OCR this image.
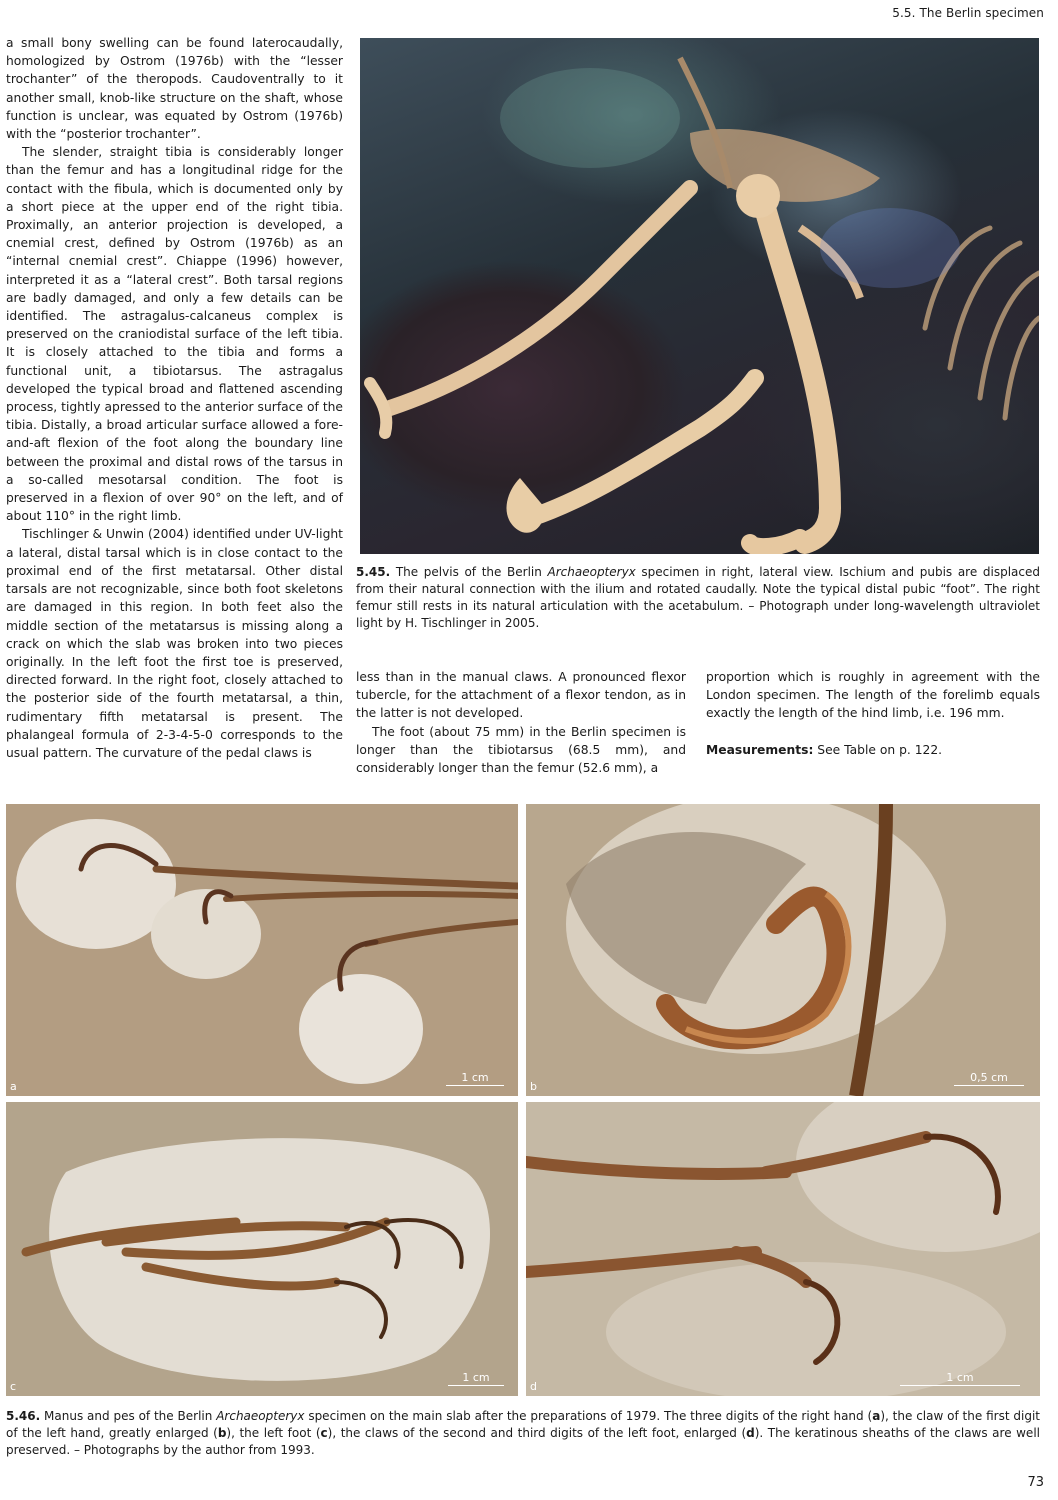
5.5. The Berlin specimen

a small bony swelling can be found laterocaudally, homologized by Ostrom (1976b) with the “lesser trochanter” of the theropods. Caudoventrally to it another small, knob-like structure on the shaft, whose function is unclear, was equated by Ostrom (1976b) with the “posterior trochanter”.

The slender, straight tibia is considerably longer than the femur and has a longitudinal ridge for the contact with the fibula, which is documented only by a short piece at the upper end of the right tibia. Proximally, an anterior projection is developed, a cnemial crest, defined by Ostrom (1976b) as an “internal cnemial crest”. Chiappe (1996) however, interpreted it as a “lateral crest”. Both tarsal regions are badly damaged, and only a few details can be identified. The astragalus-calcaneus complex is preserved on the craniodistal surface of the left tibia. It is closely attached to the tibia and forms a functional unit, a tibiotarsus. The astragalus developed the typical broad and flattened ascending process, tightly apressed to the anterior surface of the tibia. Distally, a broad articular surface allowed a fore-and-aft flexion of the foot along the boundary line between the proximal and distal rows of the tarsus in a so-called mesotarsal condition. The foot is preserved in a flexion of over 90° on the left, and of about 110° in the right limb.

Tischlinger & Unwin (2004) identified under UV-light a lateral, distal tarsal which is in close contact to the proximal end of the first metatarsal. Other distal tarsals are not recognizable, since both foot skeletons are damaged in this region. In both feet also the middle section of the metatarsus is missing along a crack on which the slab was broken into two pieces originally. In the left foot the first toe is preserved, directed forward. In the right foot, closely attached to the posterior side of the fourth metatarsal, a thin, rudimentary fifth metatarsal is present. The phalangeal formula of 2-3-4-5-0 corresponds to the usual pattern. The curvature of the pedal claws is

5.45. The pelvis of the Berlin Archaeopteryx specimen in right, lateral view. Ischium and pubis are displaced from their natural connection with the ilium and rotated caudally. Note the typical distal pubic “foot”. The right femur still rests in its natural articulation with the acetabulum. – Photograph under long-wavelength ultraviolet light by H. Tischlinger in 2005.

less than in the manual claws. A pronounced flexor tubercle, for the attachment of a flexor tendon, as in the latter is not developed.

The foot (about 75 mm) in the Berlin specimen is longer than the tibiotarsus (68.5 mm), and considerably longer than the femur (52.6 mm), a

proportion which is roughly in agreement with the London specimen. The length of the forelimb equals exactly the length of the hind limb, i.e. 196 mm.

Measurements: See Table on p. 122.

a
1 cm
b
0,5 cm
c
1 cm
d
1 cm
5.46. Manus and pes of the Berlin Archaeopteryx specimen on the main slab after the preparations of 1979. The three digits of the right hand (a), the claw of the first digit of the left hand, greatly enlarged (b), the left foot (c), the claws of the second and third digits of the left foot, enlarged (d). The keratinous sheaths of the claws are well preserved. – Photographs by the author from 1993.
73
